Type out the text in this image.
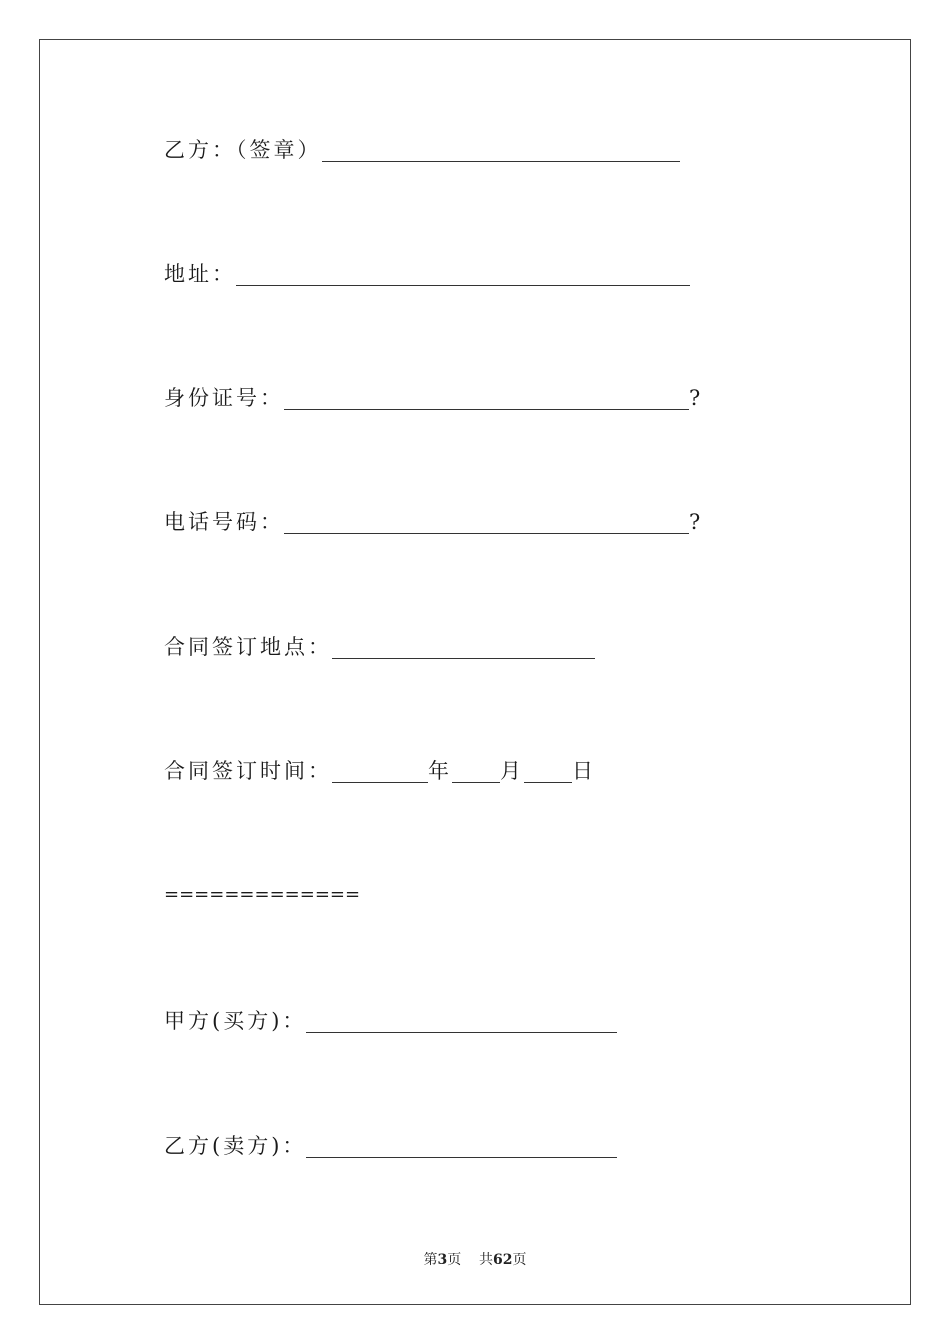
乙方：（签章）
地址：
身份证号：	?
电话号码：	?
合同签订地点：
合同签订时间：	年 月 日
=============
甲方(买方)：
乙方(卖方)：
第3页 共62页
